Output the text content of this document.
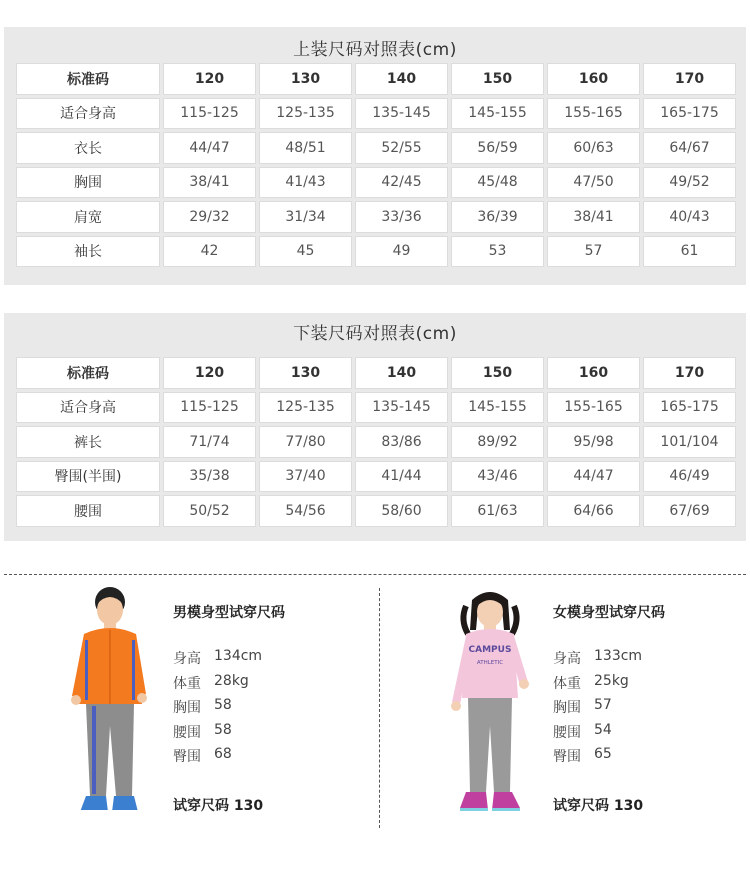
上装尺码对照表(cm)
标准码	120	130	140	150	160	170
适合身高	115-125	125-135	135-145	145-155	155-165	165-175
衣长	44/47	48/51	52/55	56/59	60/63	64/67
胸围	38/41	41/43	42/45	45/48	47/50	49/52
肩宽	29/32	31/34	33/36	36/39	38/41	40/43
袖长	42	45	49	53	57	61
下装尺码对照表(cm)
标准码	120	130	140	150	160	170
适合身高	115-125	125-135	135-145	145-155	155-165	165-175
裤长	71/74	77/80	83/86	89/92	95/98	101/104
臀围(半围)	35/38	37/40	41/44	43/46	44/47	46/49
腰围	50/52	54/56	58/60	61/63	64/66	67/69
男模身型试穿尺码
身高 134cm
体重 28kg
胸围 58
腰围 58
臀围 68
试穿尺码 130
CAMPUS
ATHLETIC
女模身型试穿尺码
身高 133cm
体重 25kg
胸围 57
腰围 54
臀围 65
试穿尺码 130
